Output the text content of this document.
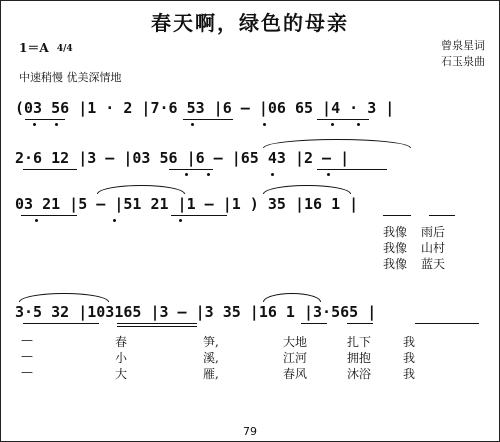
春天啊，绿色的母亲
曾泉星词
石玉泉曲
1＝A 4/4
中速稍慢 优美深情地
(03 56 |1 · 2 |7·6 53 |6 — |06 65 |4 · 3 |
2·6 12 |3 — |03 56 |6 — |65 43 |2 — |
03 21 |5 — |51 21 |1 — |1 ) 35 |16 1 |
我像 雨后
我像 山村
我像 蓝天
3·5 32 |103165 |3 — |3 35 |16 1 |3·565 |
—	春	笋,	大地	扎下	我
—	小	溪,	江河	拥抱	我
—	大	雁,	春风	沐浴	我
79
